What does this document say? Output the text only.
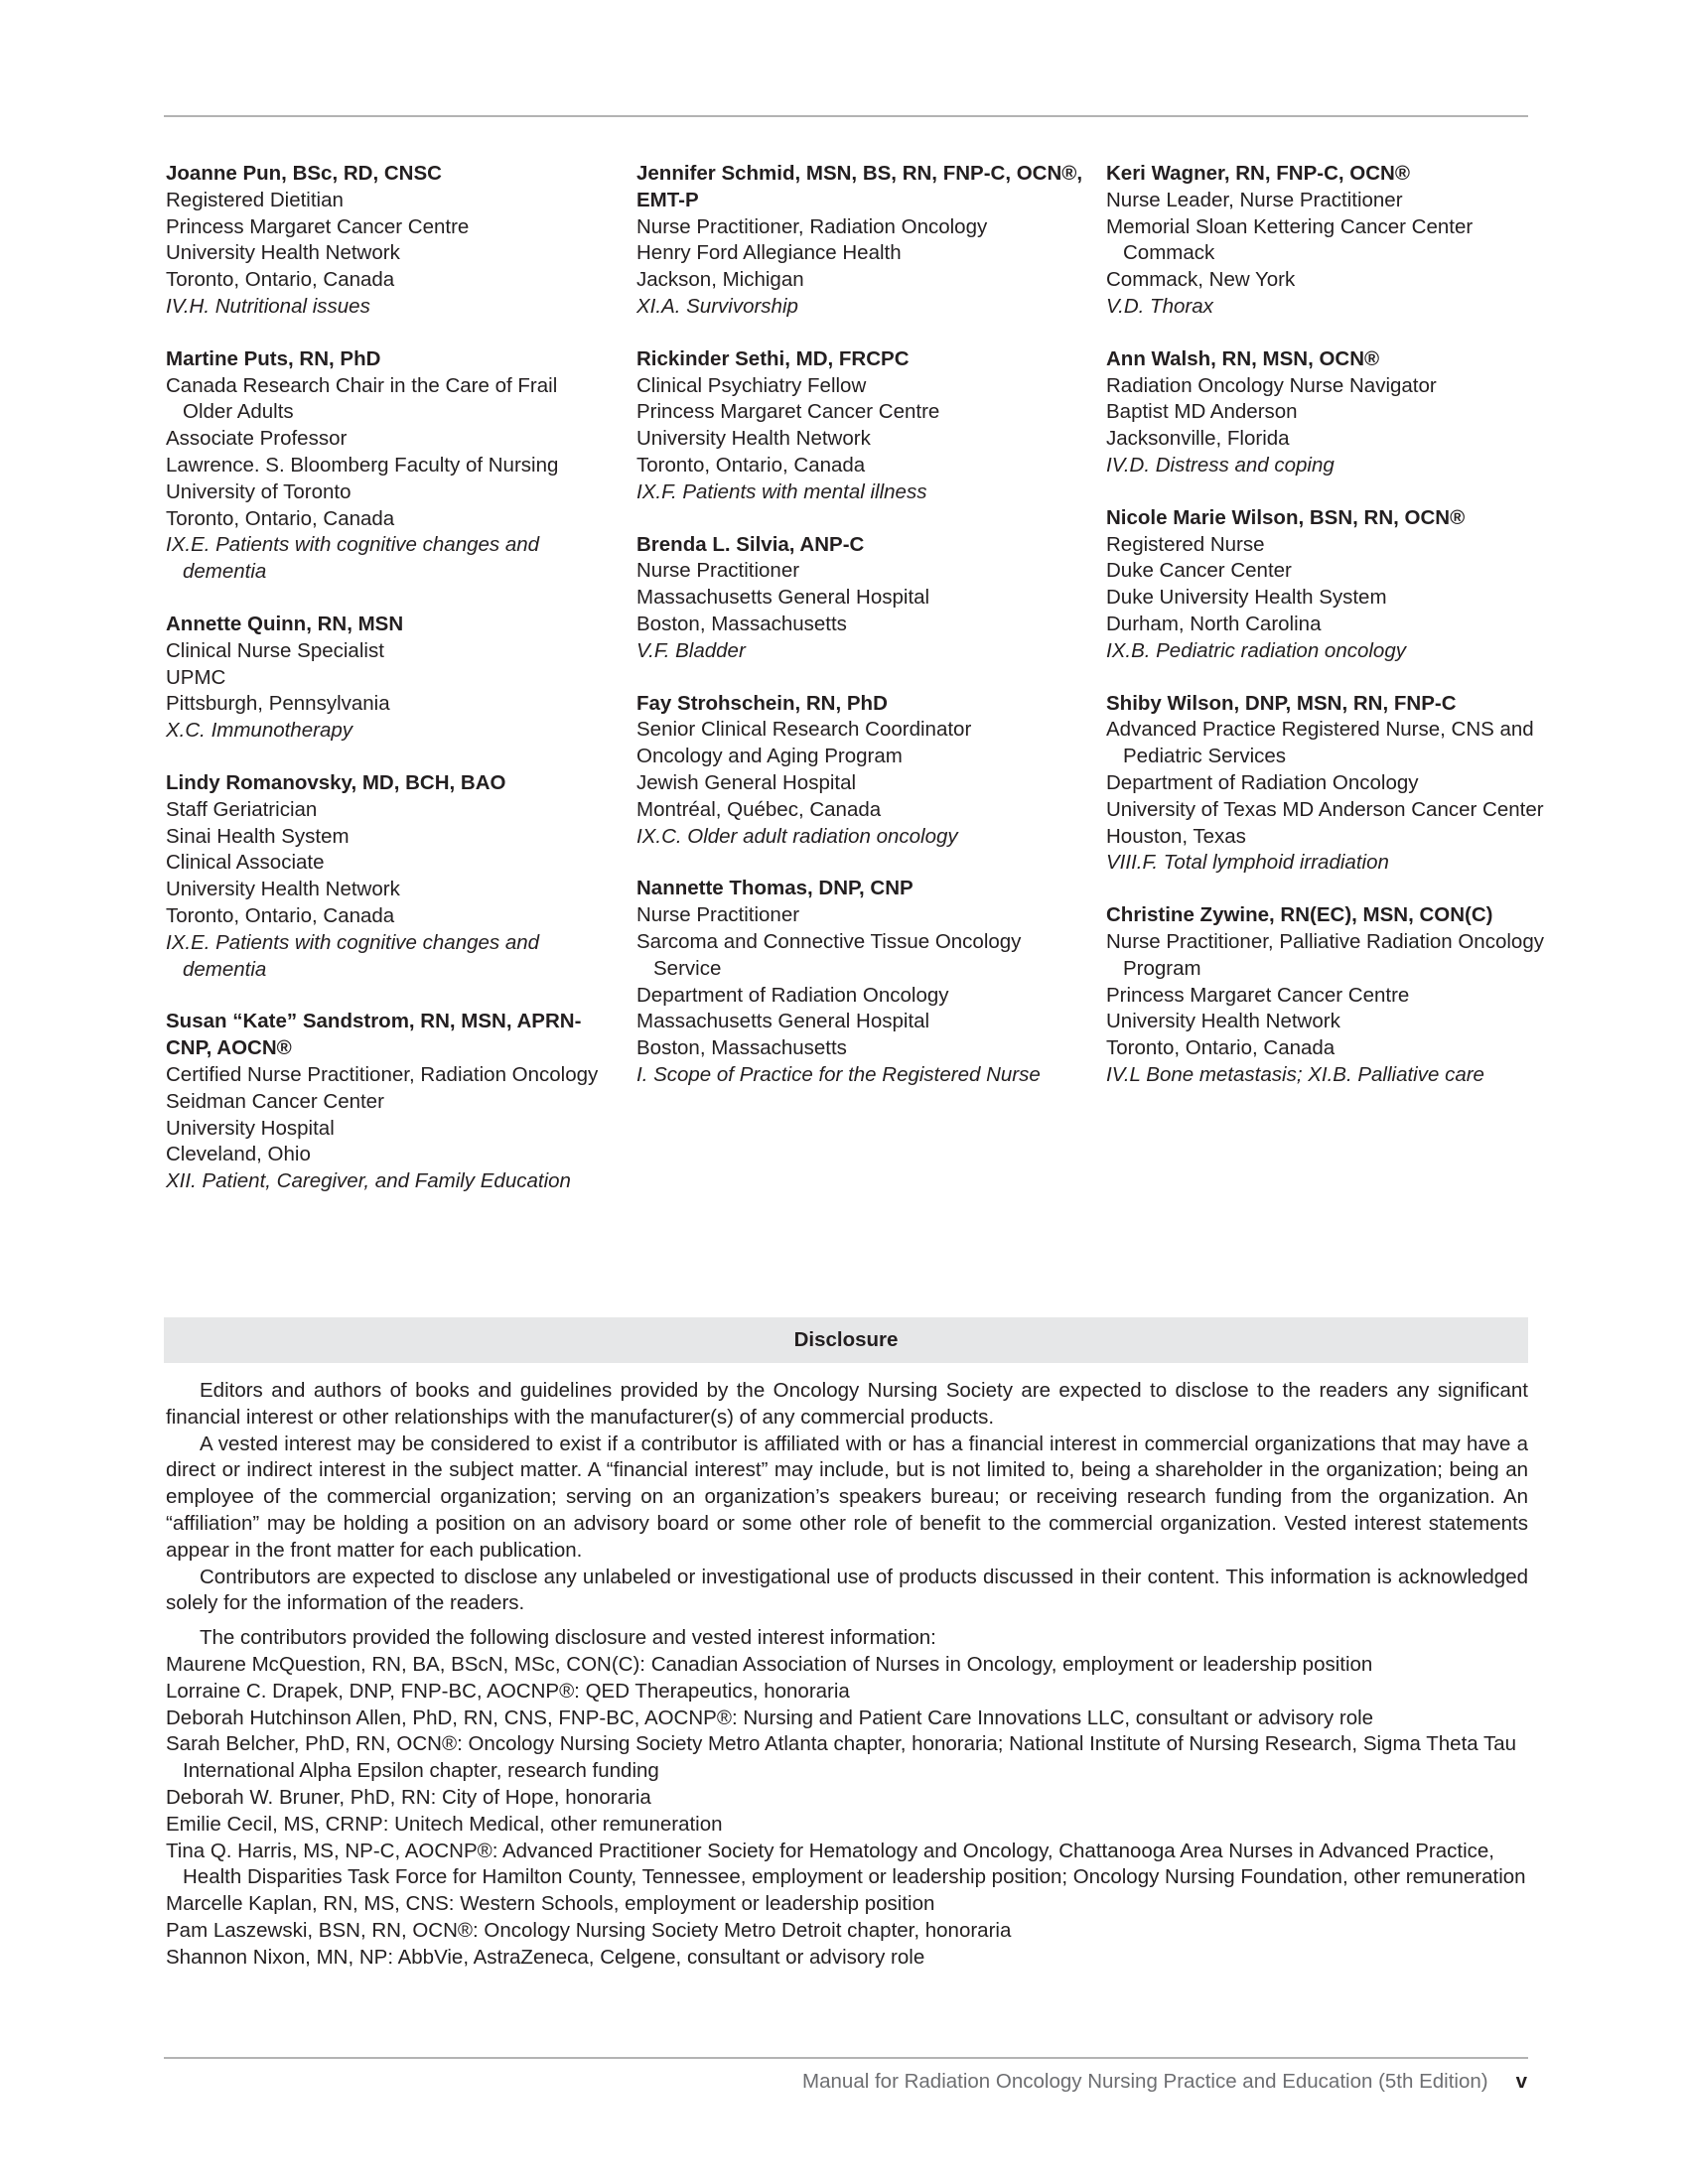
Joanne Pun, BSc, RD, CNSC
Registered Dietitian
Princess Margaret Cancer Centre
University Health Network
Toronto, Ontario, Canada
IV.H. Nutritional issues
Martine Puts, RN, PhD
Canada Research Chair in the Care of Frail Older Adults
Associate Professor
Lawrence. S. Bloomberg Faculty of Nursing
University of Toronto
Toronto, Ontario, Canada
IX.E. Patients with cognitive changes and dementia
Annette Quinn, RN, MSN
Clinical Nurse Specialist
UPMC
Pittsburgh, Pennsylvania
X.C. Immunotherapy
Lindy Romanovsky, MD, BCH, BAO
Staff Geriatrician
Sinai Health System
Clinical Associate
University Health Network
Toronto, Ontario, Canada
IX.E. Patients with cognitive changes and dementia
Susan “Kate” Sandstrom, RN, MSN, APRN-CNP, AOCN®
Certified Nurse Practitioner, Radiation Oncology
Seidman Cancer Center
University Hospital
Cleveland, Ohio
XII. Patient, Caregiver, and Family Education
Jennifer Schmid, MSN, BS, RN, FNP-C, OCN®, EMT-P
Nurse Practitioner, Radiation Oncology
Henry Ford Allegiance Health
Jackson, Michigan
XI.A. Survivorship
Rickinder Sethi, MD, FRCPC
Clinical Psychiatry Fellow
Princess Margaret Cancer Centre
University Health Network
Toronto, Ontario, Canada
IX.F. Patients with mental illness
Brenda L. Silvia, ANP-C
Nurse Practitioner
Massachusetts General Hospital
Boston, Massachusetts
V.F. Bladder
Fay Strohschein, RN, PhD
Senior Clinical Research Coordinator
Oncology and Aging Program
Jewish General Hospital
Montréal, Québec, Canada
IX.C. Older adult radiation oncology
Nannette Thomas, DNP, CNP
Nurse Practitioner
Sarcoma and Connective Tissue Oncology Service
Department of Radiation Oncology
Massachusetts General Hospital
Boston, Massachusetts
I. Scope of Practice for the Registered Nurse
Keri Wagner, RN, FNP-C, OCN®
Nurse Leader, Nurse Practitioner
Memorial Sloan Kettering Cancer Center Commack
Commack, New York
V.D. Thorax
Ann Walsh, RN, MSN, OCN®
Radiation Oncology Nurse Navigator
Baptist MD Anderson
Jacksonville, Florida
IV.D. Distress and coping
Nicole Marie Wilson, BSN, RN, OCN®
Registered Nurse
Duke Cancer Center
Duke University Health System
Durham, North Carolina
IX.B. Pediatric radiation oncology
Shiby Wilson, DNP, MSN, RN, FNP-C
Advanced Practice Registered Nurse, CNS and Pediatric Services
Department of Radiation Oncology
University of Texas MD Anderson Cancer Center
Houston, Texas
VIII.F. Total lymphoid irradiation
Christine Zywine, RN(EC), MSN, CON(C)
Nurse Practitioner, Palliative Radiation Oncology Program
Princess Margaret Cancer Centre
University Health Network
Toronto, Ontario, Canada
IV.L Bone metastasis; XI.B. Palliative care
Disclosure

Editors and authors of books and guidelines provided by the Oncology Nursing Society are expected to disclose to the readers any significant financial interest or other relationships with the manufacturer(s) of any commercial products.

A vested interest may be considered to exist if a contributor is affiliated with or has a financial interest in commercial organizations that may have a direct or indirect interest in the subject matter. A “financial interest” may include, but is not limited to, being a shareholder in the organization; being an employee of the commercial organization; serving on an organization’s speakers bureau; or receiving research funding from the organization. An “affiliation” may be holding a position on an advisory board or some other role of benefit to the commercial organization. Vested interest statements appear in the front matter for each publication.

Contributors are expected to disclose any unlabeled or investigational use of products discussed in their content. This information is acknowledged solely for the information of the readers.

The contributors provided the following disclosure and vested interest information:

Maurene McQuestion, RN, BA, BScN, MSc, CON(C): Canadian Association of Nurses in Oncology, employment or leadership position
Lorraine C. Drapek, DNP, FNP-BC, AOCNP®: QED Therapeutics, honoraria
Deborah Hutchinson Allen, PhD, RN, CNS, FNP-BC, AOCNP®: Nursing and Patient Care Innovations LLC, consultant or advisory role
Sarah Belcher, PhD, RN, OCN®: Oncology Nursing Society Metro Atlanta chapter, honoraria; National Institute of Nursing Research, Sigma Theta Tau International Alpha Epsilon chapter, research funding
Deborah W. Bruner, PhD, RN: City of Hope, honoraria
Emilie Cecil, MS, CRNP: Unitech Medical, other remuneration
Tina Q. Harris, MS, NP-C, AOCNP®: Advanced Practitioner Society for Hematology and Oncology, Chattanooga Area Nurses in Advanced Practice, Health Disparities Task Force for Hamilton County, Tennessee, employment or leadership position; Oncology Nursing Foundation, other remuneration
Marcelle Kaplan, RN, MS, CNS: Western Schools, employment or leadership position
Pam Laszewski, BSN, RN, OCN®: Oncology Nursing Society Metro Detroit chapter, honoraria
Shannon Nixon, MN, NP: AbbVie, AstraZeneca, Celgene, consultant or advisory role
Manual for Radiation Oncology Nursing Practice and Education (5th Edition) v
